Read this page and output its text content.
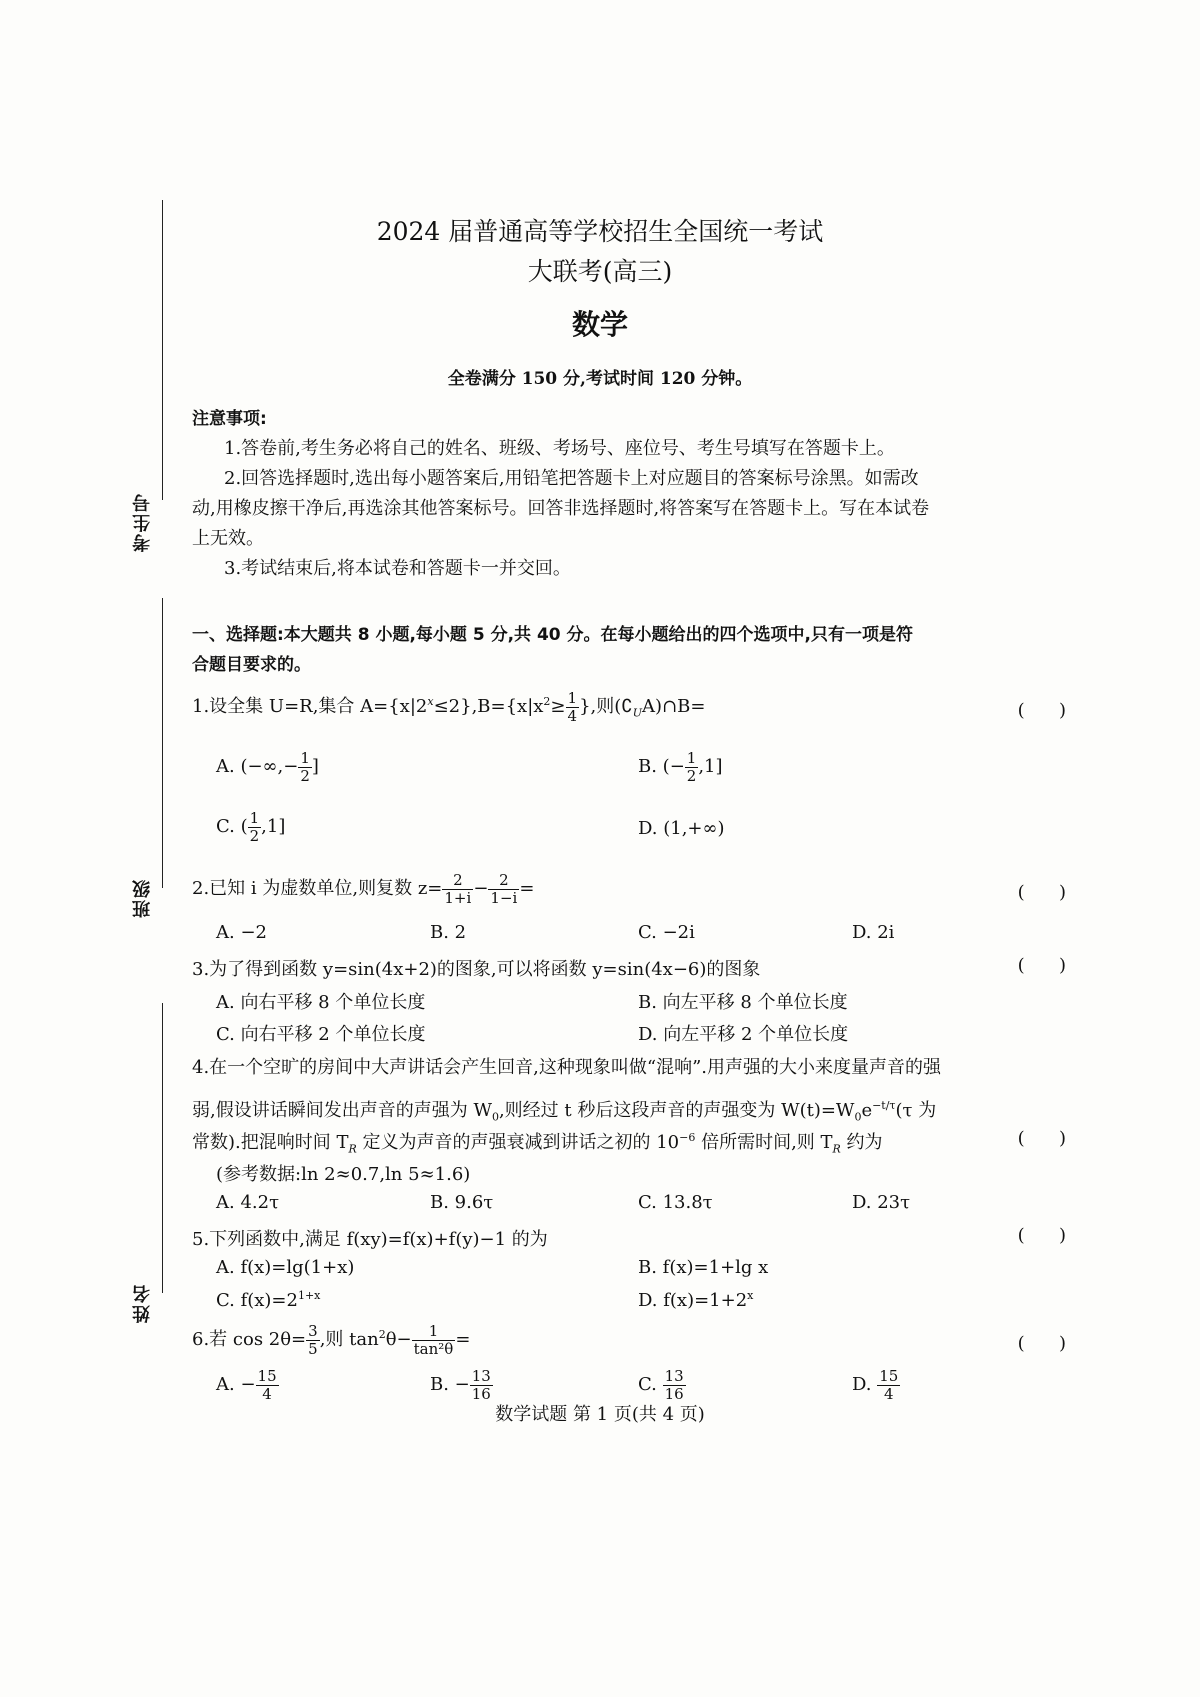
考生号
班级
姓名
2024 届普通高等学校招生全国统一考试
大联考(高三)
数学
全卷满分 150 分,考试时间 120 分钟。
注意事项:
1.答卷前,考生务必将自己的姓名、班级、考场号、座位号、考生号填写在答题卡上。
2.回答选择题时,选出每小题答案后,用铅笔把答题卡上对应题目的答案标号涂黑。如需改
动,用橡皮擦干净后,再选涂其他答案标号。回答非选择题时,将答案写在答题卡上。写在本试卷
上无效。
3.考试结束后,将本试卷和答题卡一并交回。
一、选择题:本大题共 8 小题,每小题 5 分,共 40 分。在每小题给出的四个选项中,只有一项是符
合题目要求的。
1.设全集 U=R,集合 $A=\{x|2^x\le 2\},B=\{x|x^2\ge \frac{1}{4}$ },则$(∁_UA)\cap B=$	(      )
A. (−∞,− $\frac{1}{2}$ ]	B. (− $\frac{1}{2} ,1$]
C. ( $\frac{1}{2} ,1$]	D. (1,+∞)
2.已知 i 为虚数单位,则复数 $z= \frac{2}{1+i} - \frac{2}{1-i}$ =	(      )
A. −2	B. 2	C. −2i	D. 2i
3.为了得到函数 y=sin(4x+2)的图象,可以将函数 y=sin(4x−6)的图象	(      )
A. 向右平移 8 个单位长度	B. 向左平移 8 个单位长度
C. 向右平移 2 个单位长度	D. 向左平移 2 个单位长度
4.在一个空旷的房间中大声讲话会产生回音,这种现象叫做“混响”.用声强的大小来度量声音的强
弱,假设讲话瞬间发出声音的声强为 $W_0$,则经过 t 秒后这段声音的声强变为 $W(t)=W_0e^{-t/\tau}(\tau$ 为
常数).把混响时间 $T_R$ 定义为声音的声强衰减到讲话之初的 $10^{-6}$ 倍所需时间,则 $T_R$ 约为	(      )
(参考数据:ln 2≈0.7,ln 5≈1.6)
A. 4.2τ	B. 9.6τ	C. 13.8τ	D. 23τ
5.下列函数中,满足 f(xy)=f(x)+f(y)−1 的为	(      )
A. f(x)=lg(1+x)	B. f(x)=1+lg x
C. $f(x)=2^{1+x}$	D. $f(x)=1+2^x$
6.若 $\cos 2\theta= \frac{3}{5}$ ,则 $\tan^2\theta- \frac{1}{\text{tan²θ}}$ =	(      )
A. − $\frac{15}{4}$	B. − $\frac{13}{16}$	C. $\frac{13}{16}$	D. $\frac{15}{4}$
数学试题 第 1 页(共 4 页)
